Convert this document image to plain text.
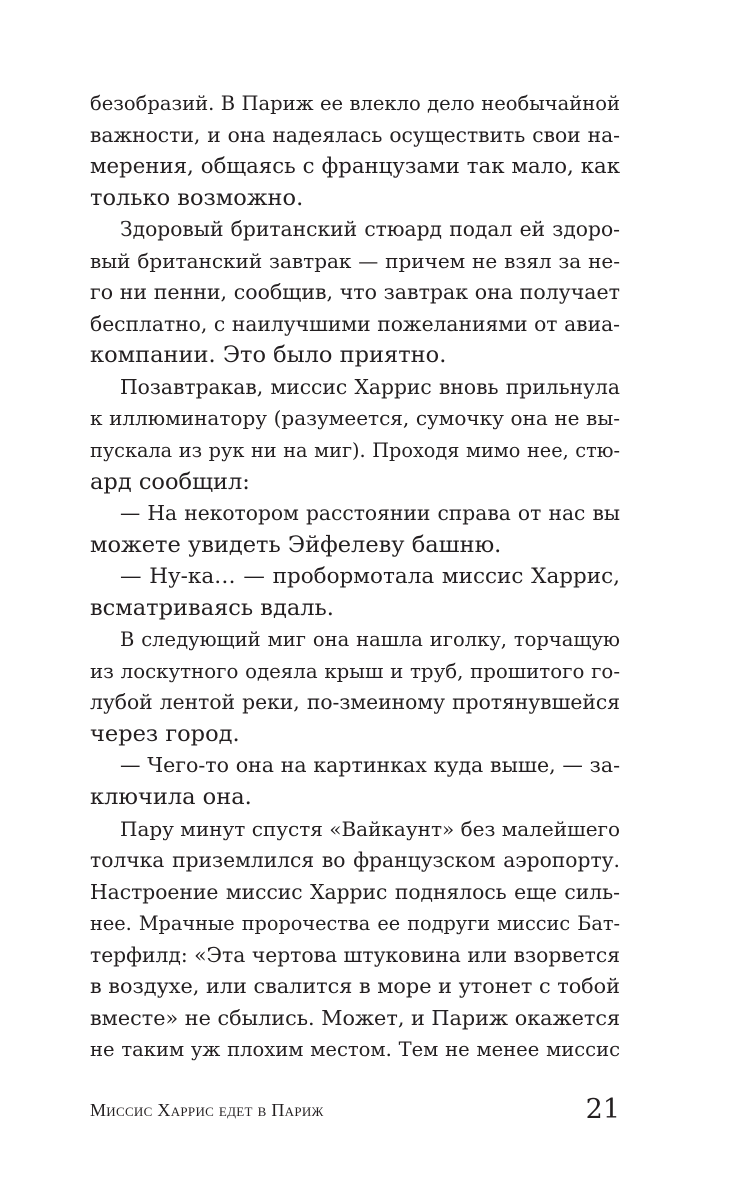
безобразий. В Париж ее влекло дело необычайной
важности, и она надеялась осуществить свои на-
мерения, общаясь с французами так мало, как
только возможно.
Здоровый британский стюард подал ей здоро-
вый британский завтрак — причем не взял за не-
го ни пенни, сообщив, что завтрак она получает
бесплатно, с наилучшими пожеланиями от авиа-
компании. Это было приятно.
Позавтракав, миссис Харрис вновь прильнула
к иллюминатору (разумеется, сумочку она не вы-
пускала из рук ни на миг). Проходя мимо нее, стю-
ард сообщил:
— На некотором расстоянии справа от нас вы
можете увидеть Эйфелеву башню.
— Ну-ка… — пробормотала миссис Харрис,
всматриваясь вдаль.
В следующий миг она нашла иголку, торчащую
из лоскутного одеяла крыш и труб, прошитого го-
лубой лентой реки, по-змеиному протянувшейся
через город.
— Чего-то она на картинках куда выше, — за-
ключила она.
Пару минут спустя «Вайкаунт» без малейшего
толчка приземлился во французском аэропорту.
Настроение миссис Харрис поднялось еще силь-
нее. Мрачные пророчества ее подруги миссис Бат-
терфилд: «Эта чертова штуковина или взорвется
в воздухе, или свалится в море и утонет с тобой
вместе» не сбылись. Может, и Париж окажется
не таким уж плохим местом. Тем не менее миссис
Миссис Харрис едет в Париж	21
